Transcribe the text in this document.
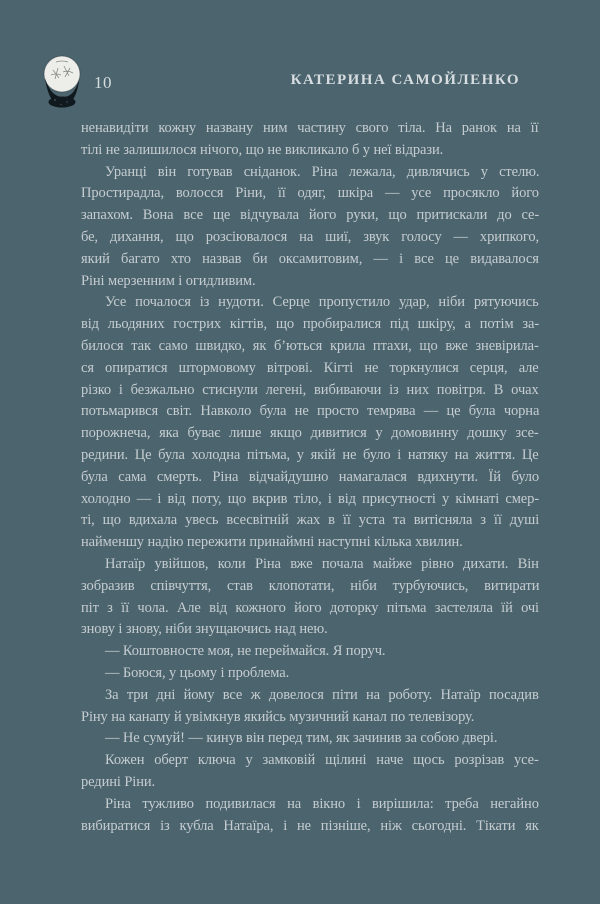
10	КАТЕРИНА САМОЙЛЕНКО
ненавидіти кожну названу ним частину свого тіла. На ранок на її
тілі не залишилося нічого, що не викликало б у неї відрази.
Уранці він готував сніданок. Ріна лежала, дивлячись у стелю.
Простирадла, волосся Ріни, її одяг, шкіра — усе просякло його
запахом. Вона все ще відчувала його руки, що притискали до се-
бе, дихання, що розсіювалося на шиї, звук голосу — хрипкого,
який багато хто назвав би оксамитовим, — і все це видавалося
Ріні мерзенним і огидливим.
Усе почалося із нудоти. Серце пропустило удар, ніби рятуючись
від льодяних гострих кігтів, що пробиралися під шкіру, а потім за-
билося так само швидко, як б’ються крила птахи, що вже зневірила-
ся опиратися штормовому вітрові. Кігті не торкнулися серця, але
різко і безжально стиснули легені, вибиваючи із них повітря. В очах
потьмарився світ. Навколо була не просто темрява — це була чорна
порожнеча, яка буває лише якщо дивитися у домовинну дошку зсе-
редини. Це була холодна пітьма, у якій не було і натяку на життя. Це
була сама смерть. Ріна відчайдушно намагалася вдихнути. Їй було
холодно — і від поту, що вкрив тіло, і від присутності у кімнаті смер-
ті, що вдихала увесь всесвітній жах в її уста та витісняла з її душі
найменшу надію пережити принаймні наступні кілька хвилин.
Натаїр увійшов, коли Ріна вже почала майже рівно дихати. Він
зобразив співчуття, став клопотати, ніби турбуючись, витирати
піт з її чола. Але від кожного його доторку пітьма застеляла їй очі
знову і знову, ніби знущаючись над нею.
— Коштовносте моя, не переймайся. Я поруч.
— Боюся, у цьому і проблема.
За три дні йому все ж довелося піти на роботу. Натаїр посадив
Ріну на канапу й увімкнув якийсь музичний канал по телевізору.
— Не сумуй! — кинув він перед тим, як зачинив за собою двері.
Кожен оберт ключа у замковій щілині наче щось розрізав усе-
редині Ріни.
Ріна тужливо подивилася на вікно і вирішила: треба негайно
вибиратися із кубла Натаїра, і не пізніше, ніж сьогодні. Тікати як
